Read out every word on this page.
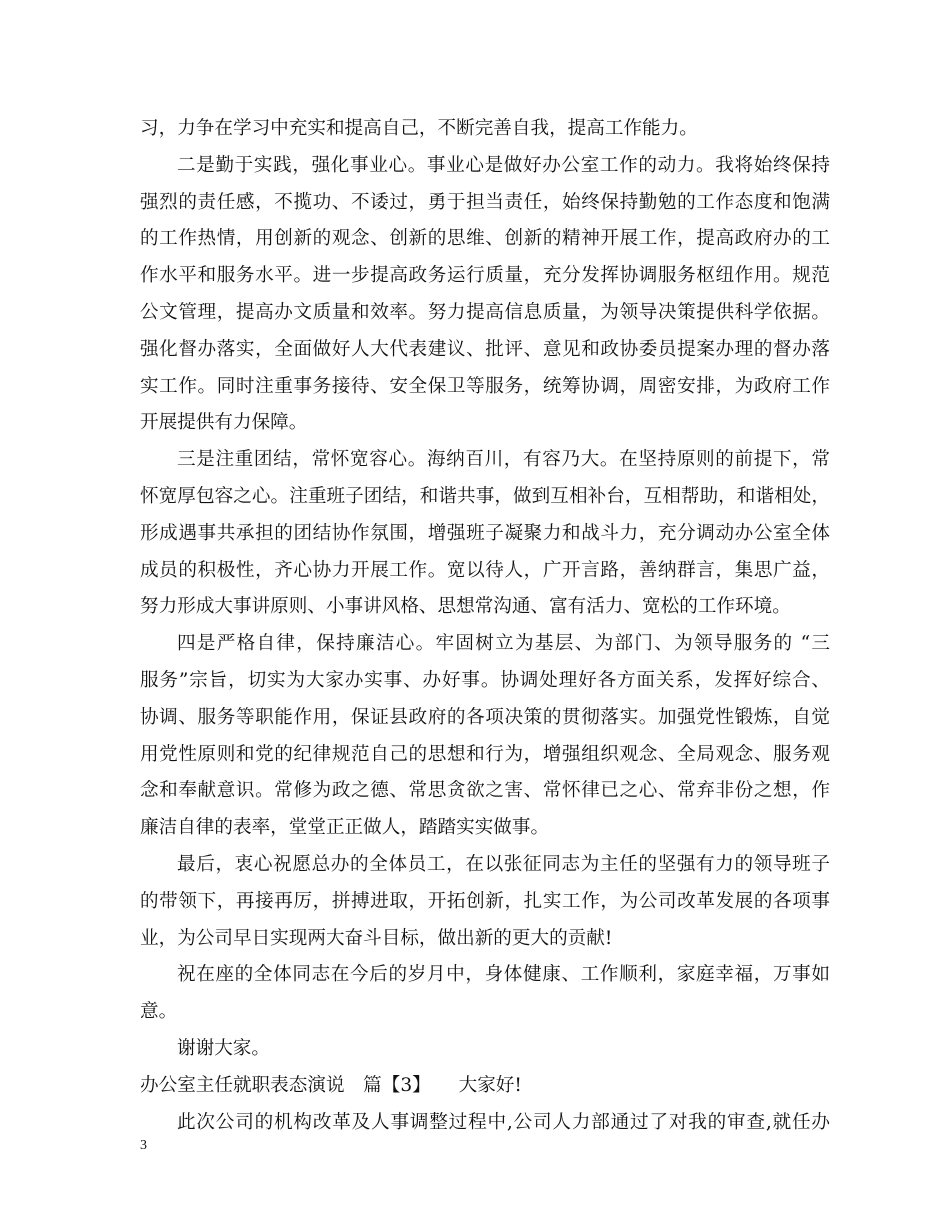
习，力争在学习中充实和提高自己，不断完善自我，提高工作能力。
二是勤于实践，强化事业心。事业心是做好办公室工作的动力。我将始终保持
强烈的责任感，不揽功、不诿过，勇于担当责任，始终保持勤勉的工作态度和饱满
的工作热情，用创新的观念、创新的思维、创新的精神开展工作，提高政府办的工
作水平和服务水平。进一步提高政务运行质量，充分发挥协调服务枢纽作用。规范
公文管理，提高办文质量和效率。努力提高信息质量，为领导决策提供科学依据。
强化督办落实，全面做好人大代表建议、批评、意见和政协委员提案办理的督办落
实工作。同时注重事务接待、安全保卫等服务，统筹协调，周密安排，为政府工作
开展提供有力保障。
三是注重团结，常怀宽容心。海纳百川，有容乃大。在坚持原则的前提下，常
怀宽厚包容之心。注重班子团结，和谐共事，做到互相补台，互相帮助，和谐相处，
形成遇事共承担的团结协作氛围，增强班子凝聚力和战斗力，充分调动办公室全体
成员的积极性，齐心协力开展工作。宽以待人，广开言路，善纳群言，集思广益，
努力形成大事讲原则、小事讲风格、思想常沟通、富有活力、宽松的工作环境。
四是严格自律，保持廉洁心。牢固树立为基层、为部门、为领导服务的 “三
服务”宗旨，切实为大家办实事、办好事。协调处理好各方面关系，发挥好综合、
协调、服务等职能作用，保证县政府的各项决策的贯彻落实。加强党性锻炼，自觉
用党性原则和党的纪律规范自己的思想和行为，增强组织观念、全局观念、服务观
念和奉献意识。常修为政之德、常思贪欲之害、常怀律已之心、常弃非份之想，作
廉洁自律的表率，堂堂正正做人，踏踏实实做事。
最后，衷心祝愿总办的全体员工，在以张征同志为主任的坚强有力的领导班子
的带领下，再接再厉，拼搏进取，开拓创新，扎实工作，为公司改革发展的各项事
业，为公司早日实现两大奋斗目标，做出新的更大的贡献!
祝在座的全体同志在今后的岁月中，身体健康、工作顺利，家庭幸福，万事如
意。
谢谢大家。
办公室主任就职表态演说　篇【3】　　大家好!
此次公司的机构改革及人事调整过程中,公司人力部通过了对我的审查,就任办
3
